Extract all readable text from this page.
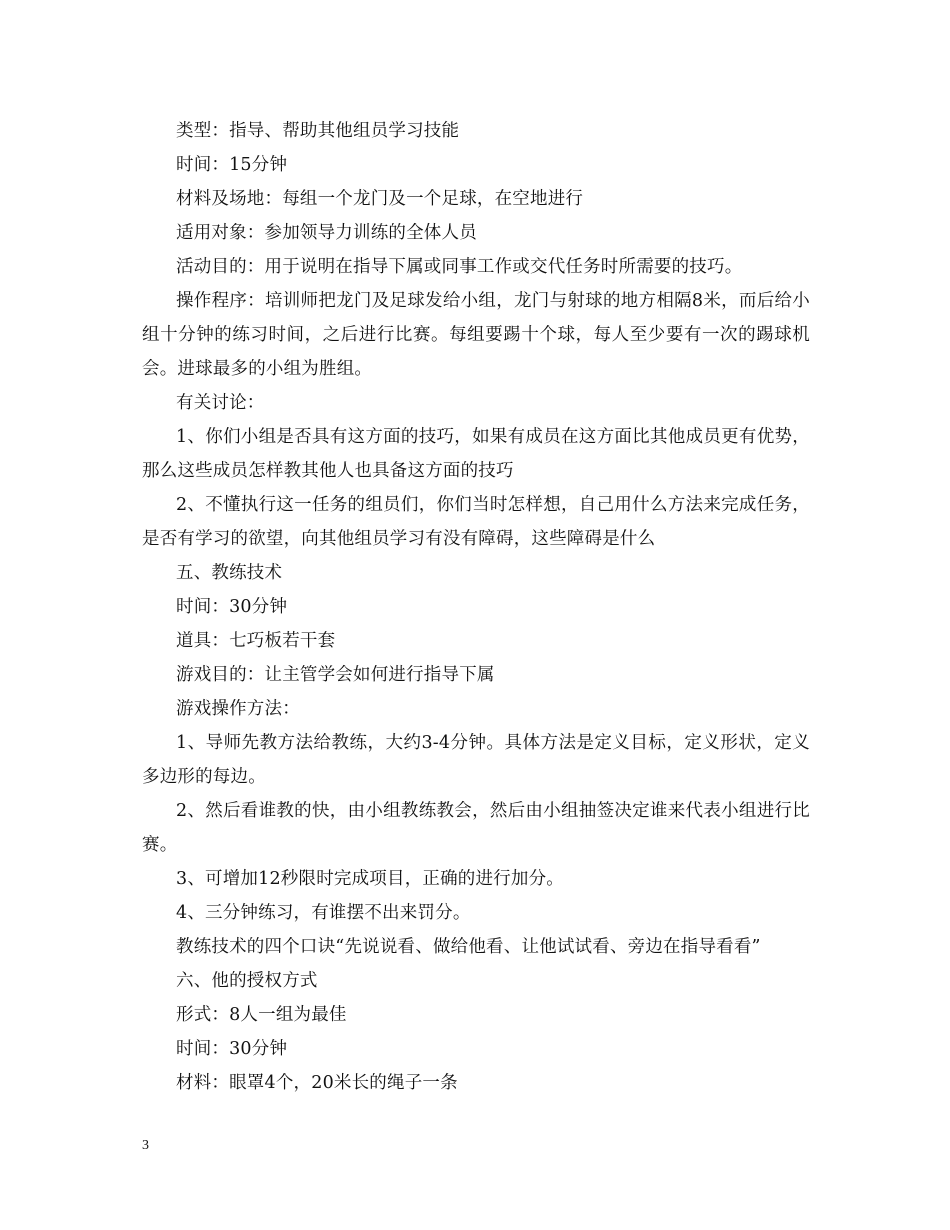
类型：指导、帮助其他组员学习技能

时间：15分钟

材料及场地：每组一个龙门及一个足球，在空地进行

适用对象：参加领导力训练的全体人员

活动目的：用于说明在指导下属或同事工作或交代任务时所需要的技巧。

操作程序：培训师把龙门及足球发给小组，龙门与射球的地方相隔8米，而后给小组十分钟的练习时间，之后进行比赛。每组要踢十个球，每人至少要有一次的踢球机会。进球最多的小组为胜组。

有关讨论：

1、你们小组是否具有这方面的技巧，如果有成员在这方面比其他成员更有优势，那么这些成员怎样教其他人也具备这方面的技巧

2、不懂执行这一任务的组员们，你们当时怎样想，自己用什么方法来完成任务，是否有学习的欲望，向其他组员学习有没有障碍，这些障碍是什么

五、教练技术

时间：30分钟

道具：七巧板若干套

游戏目的：让主管学会如何进行指导下属

游戏操作方法：

1、导师先教方法给教练，大约3-4分钟。具体方法是定义目标，定义形状，定义多边形的每边。

2、然后看谁教的快，由小组教练教会，然后由小组抽签决定谁来代表小组进行比赛。

3、可增加12秒限时完成项目，正确的进行加分。

4、三分钟练习，有谁摆不出来罚分。

教练技术的四个口诀“先说说看、做给他看、让他试试看、旁边在指导看看”

六、他的授权方式

形式：8人一组为最佳

时间：30分钟

材料：眼罩4个，20米长的绳子一条

3
